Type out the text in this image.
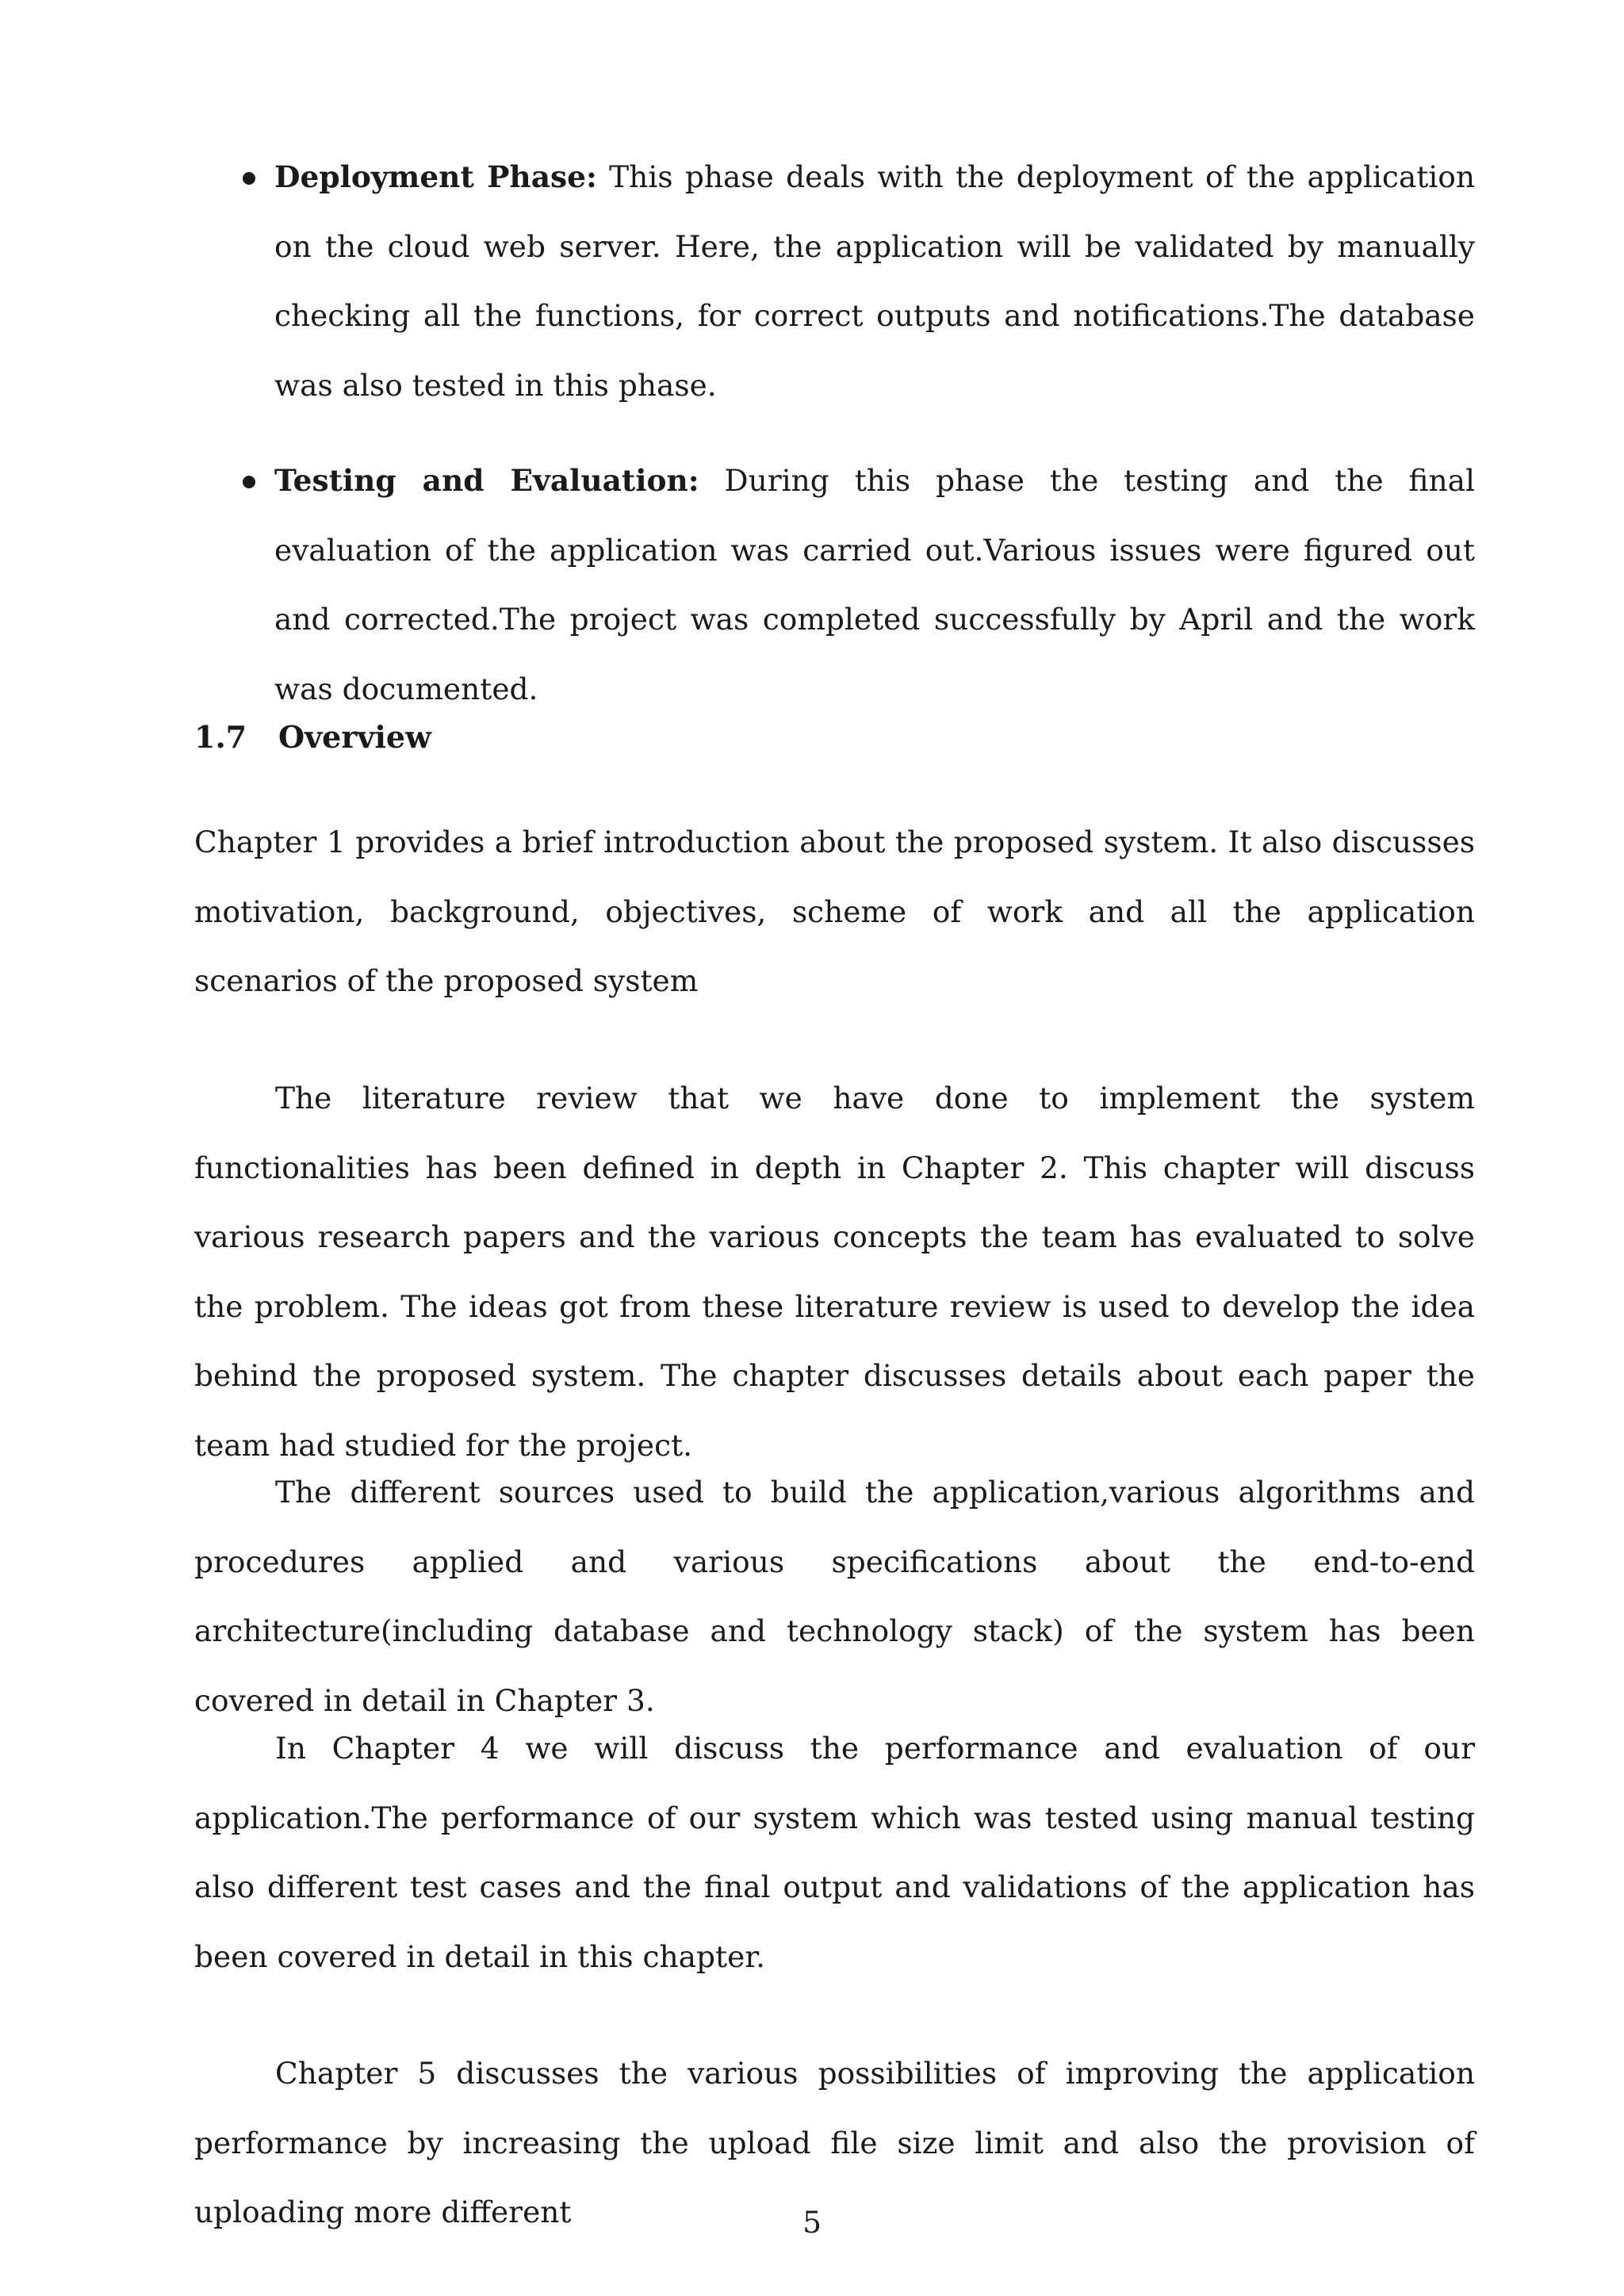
Deployment Phase: This phase deals with the deployment of the application on the cloud web server. Here, the application will be validated by manually checking all the functions, for correct outputs and notifications.The database was also tested in this phase.

Testing and Evaluation: During this phase the testing and the final evaluation of the application was carried out.Various issues were figured out and corrected.The project was completed successfully by April and the work was documented.

1.7 Overview

Chapter 1 provides a brief introduction about the proposed system. It also discusses motivation, background, objectives, scheme of work and all the application scenarios of the proposed system

The literature review that we have done to implement the system functionalities has been defined in depth in Chapter 2. This chapter will discuss various research papers and the various concepts the team has evaluated to solve the problem. The ideas got from these literature review is used to develop the idea behind the proposed system. The chapter discusses details about each paper the team had studied for the project.

The different sources used to build the application,various algorithms and procedures applied and various specifications about the end-to-end architecture(including database and technology stack) of the system has been covered in detail in Chapter 3.

In Chapter 4 we will discuss the performance and evaluation of our application.The performance of our system which was tested using manual testing also different test cases and the final output and validations of the application has been covered in detail in this chapter.

Chapter 5 discusses the various possibilities of improving the application performance by increasing the upload file size limit and also the provision of uploading more different	5
